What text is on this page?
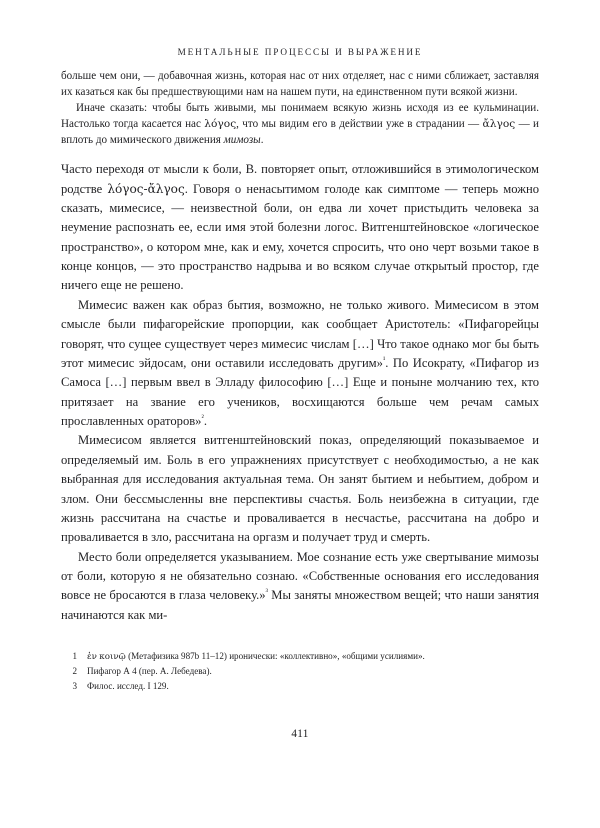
МЕНТАЛЬНЫЕ ПРОЦЕССЫ И ВЫРАЖЕНИЕ

больше чем они, — добавочная жизнь, которая нас от них отделяет, нас с ними сближает, заставляя их казаться как бы предшествующими нам на нашем пути, на единственном пути всякой жизни.

Иначе сказать: чтобы быть живыми, мы понимаем всякую жизнь исходя из ее кульминации. Настолько тогда касается нас λόγος, что мы видим его в действии уже в страдании — ἄλγος — и вплоть до мимического движения мимозы.

Часто переходя от мысли к боли, В. повторяет опыт, отложившийся в этимологическом родстве λόγος-ἄλγος. Говоря о ненасытимом голоде как симптоме — теперь можно сказать, мимесисе, — неизвестной боли, он едва ли хочет пристыдить человека за неумение распознать ее, если имя этой болезни логос. Витгенштейновское «логическое пространство», о котором мне, как и ему, хочется спросить, что оно черт возьми такое в конце концов, — это пространство надрыва и во всяком случае открытый простор, где ничего еще не решено.

Мимесис важен как образ бытия, возможно, не только живого. Мимесисом в этом смысле были пифагорейские пропорции, как сообщает Аристотель: «Пифагорейцы говорят, что сущее существует через мимесис числам […] Что такое однако мог бы быть этот мимесис эйдосам, они оставили исследовать другим»$^{^1}$. По Исократу, «Пифагор из Самоса […] первым ввел в Элладу философию […] Еще и поныне молчанию тех, кто притязает на звание его учеников, восхищаются больше чем речам самых прославленных ораторов»$^{^2}$.

Мимесисом является витгенштейновский показ, определяющий показываемое и определяемый им. Боль в его упражнениях присутствует с необходимостью, а не как выбранная для исследования актуальная тема. Он занят бытием и небытием, добром и злом. Они бессмысленны вне перспективы счастья. Боль неизбежна в ситуации, где жизнь рассчитана на счастье и проваливается в несчастье, рассчитана на добро и проваливается в зло, рассчитана на оргазм и получает труд и смерть.

Место боли определяется указыванием. Мое сознание есть уже свертывание мимозы от боли, которую я не обязательно сознаю. «Собственные основания его исследования вовсе не бросаются в глаза человеку.»$^{^3}$ Мы заняты множеством вещей; что наши занятия начинаются как ми-

1 ἐν κοινῷ (Метафизика 987b 11–12) иронически: «коллективно», «общими усилиями».

2 Пифагор А 4 (пер. А. Лебедева).

3 Филос. исслед. I 129.

411
